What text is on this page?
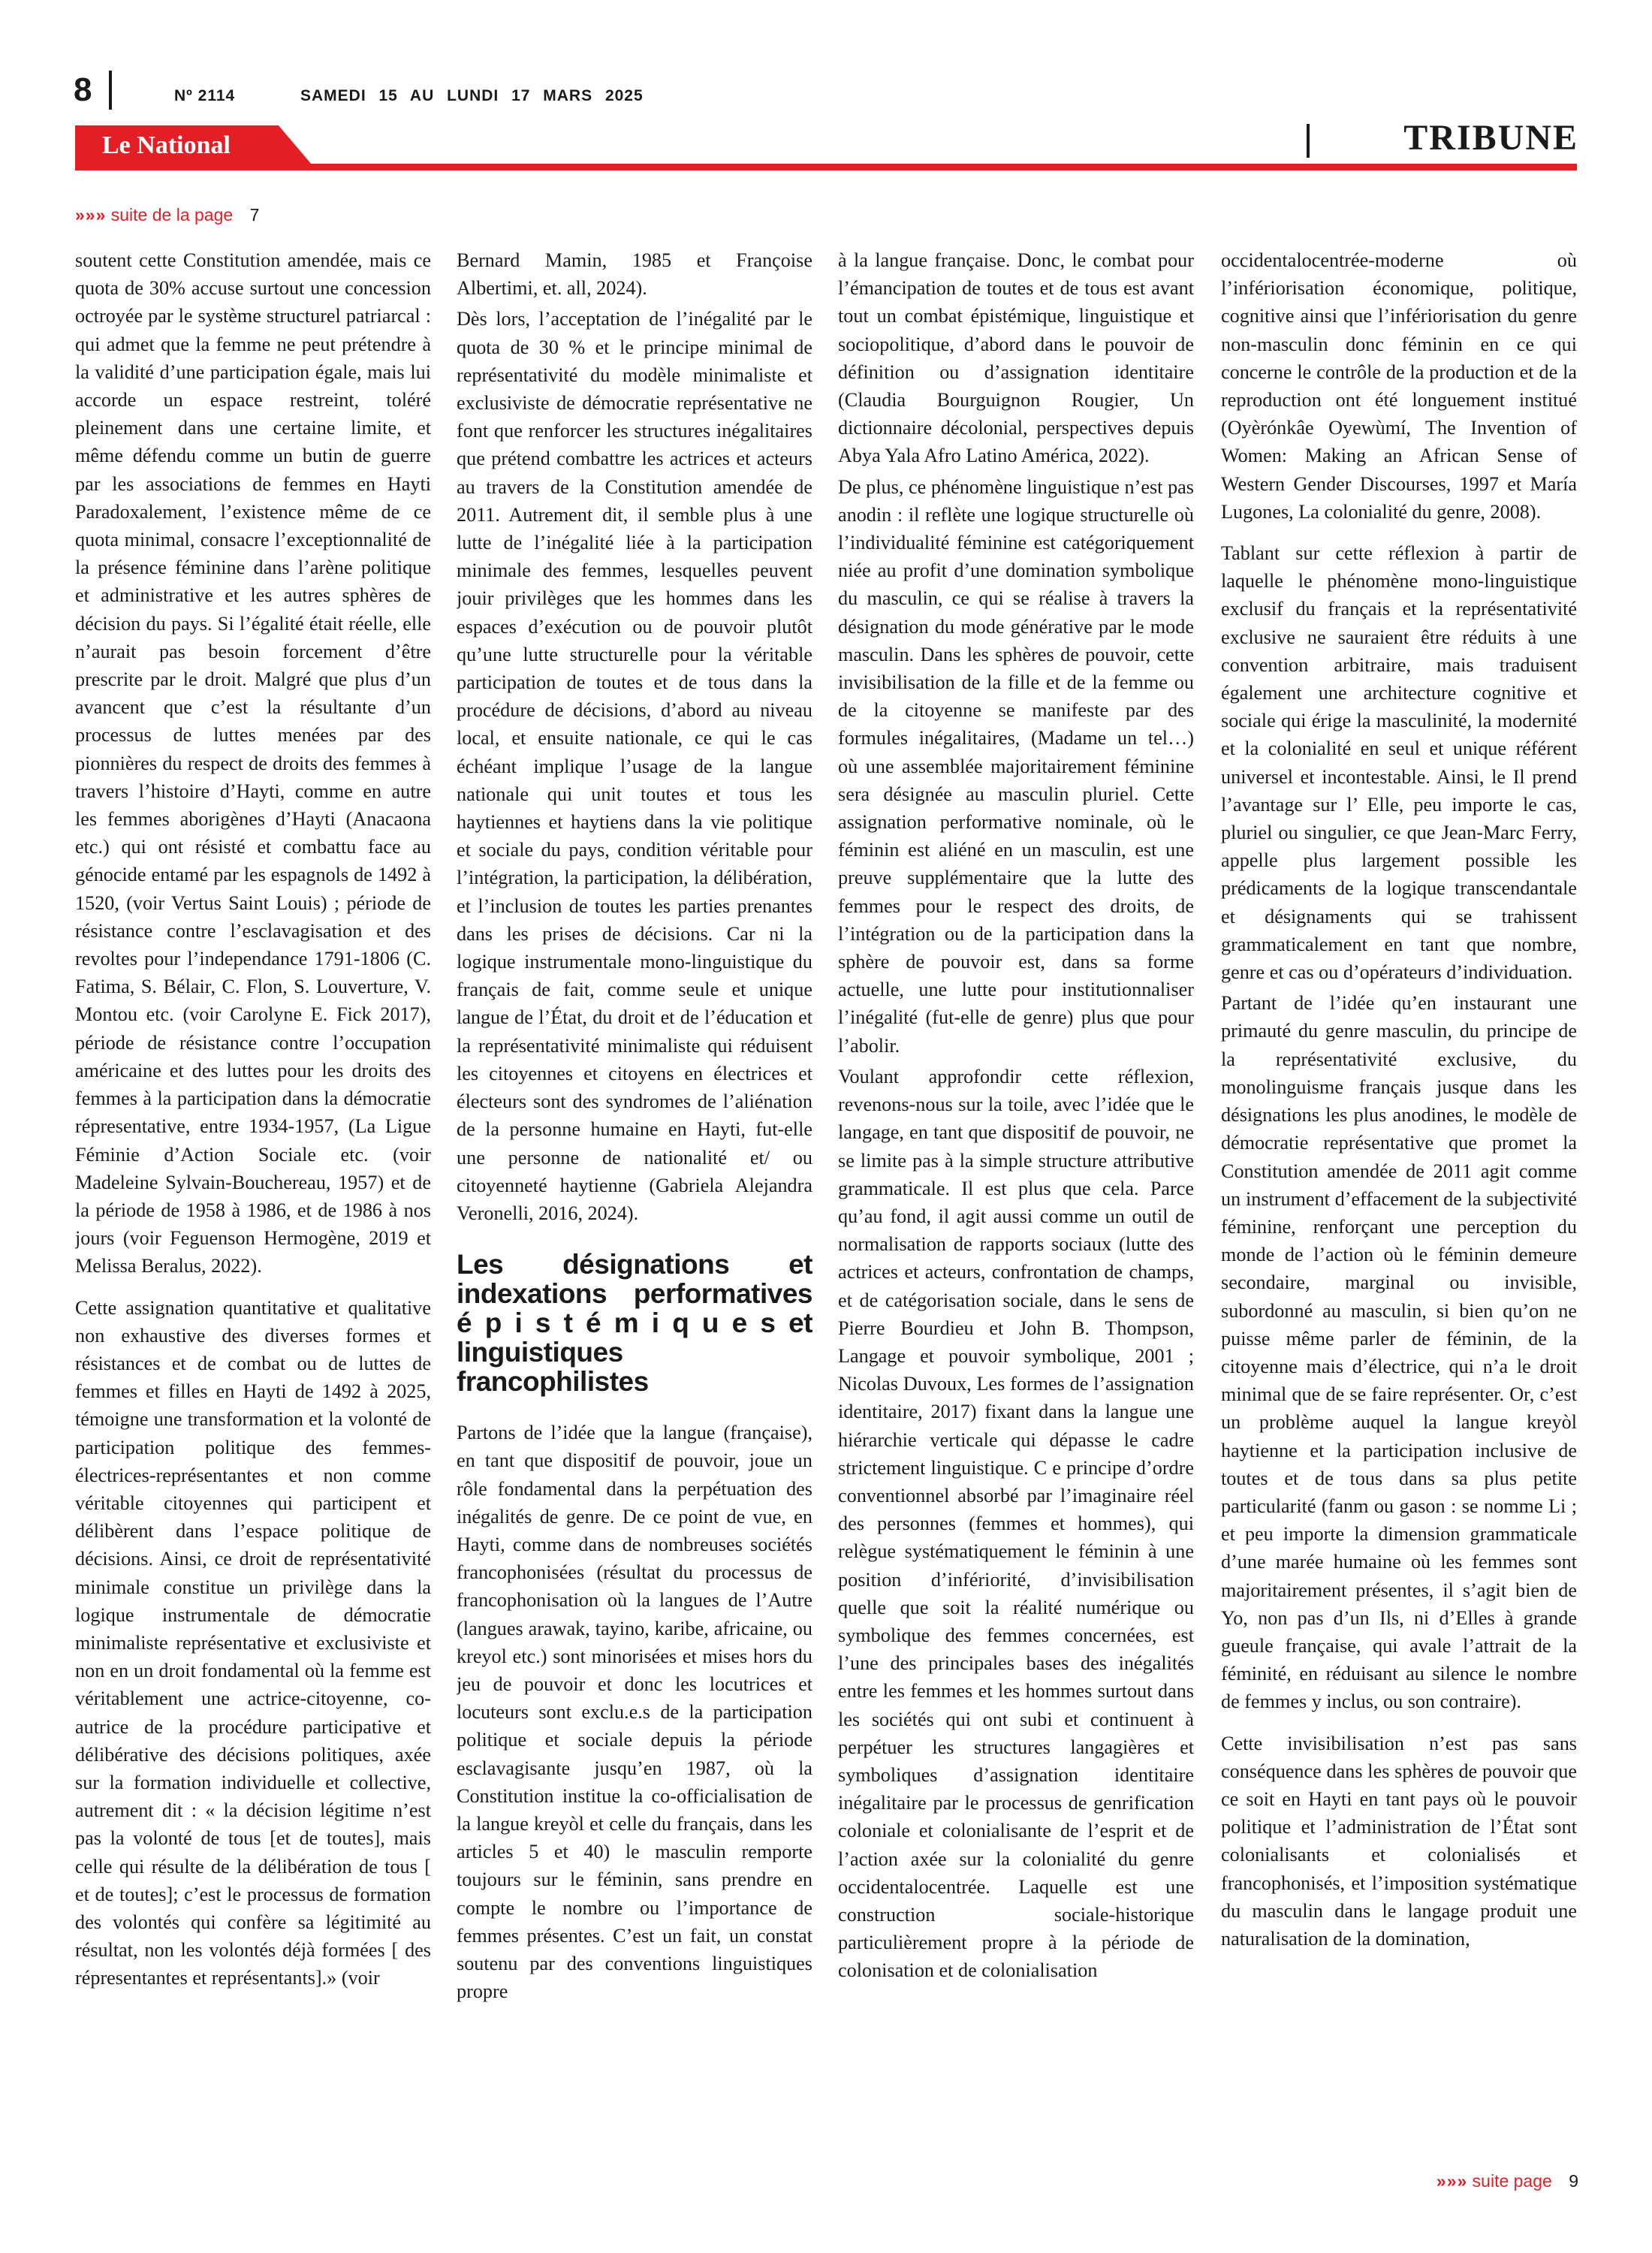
8	Nº 2114	SAMEDI 15 AU LUNDI 17 MARS 2025
Le National	TRIBUNE
»»» suite de la page 7

soutent cette Constitution amendée, mais ce quota de 30% accuse surtout une concession octroyée par le système structurel patriarcal : qui admet que la femme ne peut prétendre à la validité d’une participation égale, mais lui accorde un espace restreint, toléré pleinement dans une certaine limite, et même défendu comme un butin de guerre par les associations de femmes en Hayti Paradoxalement, l’existence même de ce quota minimal, consacre l’exceptionnalité de la présence féminine dans l’arène politique et administrative et les autres sphères de décision du pays. Si l’égalité était réelle, elle n’aurait pas besoin forcement d’être prescrite par le droit. Malgré que plus d’un avancent que c’est la résultante d’un processus de luttes menées par des pionnières du respect de droits des femmes à travers l’histoire d’Hayti, comme en autre les femmes aborigènes d’Hayti (Anacaona etc.) qui ont résisté et combattu face au génocide entamé par les espagnols de 1492 à 1520, (voir Vertus Saint Louis) ; période de résistance contre l’esclavagisation et des revoltes pour l’independance 1791-1806 (C. Fatima, S. Bélair, C. Flon, S. Louverture, V. Montou etc. (voir Carolyne E. Fick 2017), période de résistance contre l’occupation américaine et des luttes pour les droits des femmes à la participation dans la démocratie répresentative, entre 1934-1957, (La Ligue Féminie d’Action Sociale etc. (voir Madeleine Sylvain-Bouchereau, 1957) et de la période de 1958 à 1986, et de 1986 à nos jours (voir Feguenson Hermogène, 2019 et Melissa Beralus, 2022).

Cette assignation quantitative et qualitative non exhaustive des diverses formes et résistances et de combat ou de luttes de femmes et filles en Hayti de 1492 à 2025, témoigne une transformation et la volonté de participation politique des femmes-électrices-représentantes et non comme véritable citoyennes qui participent et délibèrent dans l’espace politique de décisions. Ainsi, ce droit de représentativité minimale constitue un privilège dans la logique instrumentale de démocratie minimaliste représentative et exclusiviste et non en un droit fondamental où la femme est véritablement une actrice-citoyenne, co-autrice de la procédure participative et délibérative des décisions politiques, axée sur la formation individuelle et collective, autrement dit : « la décision légitime n’est pas la volonté de tous [et de toutes], mais celle qui résulte de la délibération de tous [ et de toutes]; c’est le processus de formation des volontés qui confère sa légitimité au résultat, non les volontés déjà formées [ des répresentantes et représentants].» (voir

Bernard Mamin, 1985 et Françoise Albertimi, et. all, 2024).

Dès lors, l’acceptation de l’inégalité par le quota de 30 % et le principe minimal de représentativité du modèle minimaliste et exclusiviste de démocratie représentative ne font que renforcer les structures inégalitaires que prétend combattre les actrices et acteurs au travers de la Constitution amendée de 2011. Autrement dit, il semble plus à une lutte de l’inégalité liée à la participation minimale des femmes, lesquelles peuvent jouir privilèges que les hommes dans les espaces d’exécution ou de pouvoir plutôt qu’une lutte structurelle pour la véritable participation de toutes et de tous dans la procédure de décisions, d’abord au niveau local, et ensuite nationale, ce qui le cas échéant implique l’usage de la langue nationale qui unit toutes et tous les haytiennes et haytiens dans la vie politique et sociale du pays, condition véritable pour l’intégration, la participation, la délibération, et l’inclusion de toutes les parties prenantes dans les prises de décisions. Car ni la logique instrumentale mono-linguistique du français de fait, comme seule et unique langue de l’État, du droit et de l’éducation et la représentativité minimaliste qui réduisent les citoyennes et citoyens en électrices et électeurs sont des syndromes de l’aliénation de la personne humaine en Hayti, fut-elle une personne de nationalité et/ ou citoyenneté haytienne (Gabriela Alejandra Veronelli, 2016, 2024).

Les désignations et indexations performatives é p i s t é m i q u e s et linguistiques francophilistes

Partons de l’idée que la langue (française), en tant que dispositif de pouvoir, joue un rôle fondamental dans la perpétuation des inégalités de genre. De ce point de vue, en Hayti, comme dans de nombreuses sociétés francophonisées (résultat du processus de francophonisation où la langues de l’Autre (langues arawak, tayino, karibe, africaine, ou kreyol etc.) sont minorisées et mises hors du jeu de pouvoir et donc les locutrices et locuteurs sont exclu.e.s de la participation politique et sociale depuis la période esclavagisante jusqu’en 1987, où la Constitution institue la co-officialisation de la langue kreyòl et celle du français, dans les articles 5 et 40) le masculin remporte toujours sur le féminin, sans prendre en compte le nombre ou l’importance de femmes présentes. C’est un fait, un constat soutenu par des conventions linguistiques propre

à la langue française. Donc, le combat pour l’émancipation de toutes et de tous est avant tout un combat épistémique, linguistique et sociopolitique, d’abord dans le pouvoir de définition ou d’assignation identitaire (Claudia Bourguignon Rougier, Un dictionnaire décolonial, perspectives depuis Abya Yala Afro Latino América, 2022).

De plus, ce phénomène linguistique n’est pas anodin : il reflète une logique structurelle où l’individualité féminine est catégoriquement niée au profit d’une domination symbolique du masculin, ce qui se réalise à travers la désignation du mode générative par le mode masculin. Dans les sphères de pouvoir, cette invisibilisation de la fille et de la femme ou de la citoyenne se manifeste par des formules inégalitaires, (Madame un tel…) où une assemblée majoritairement féminine sera désignée au masculin pluriel. Cette assignation performative nominale, où le féminin est aliéné en un masculin, est une preuve supplémentaire que la lutte des femmes pour le respect des droits, de l’intégration ou de la participation dans la sphère de pouvoir est, dans sa forme actuelle, une lutte pour institutionnaliser l’inégalité (fut-elle de genre) plus que pour l’abolir.

Voulant approfondir cette réflexion, revenons-nous sur la toile, avec l’idée que le langage, en tant que dispositif de pouvoir, ne se limite pas à la simple structure attributive grammaticale. Il est plus que cela. Parce qu’au fond, il agit aussi comme un outil de normalisation de rapports sociaux (lutte des actrices et acteurs, confrontation de champs, et de catégorisation sociale, dans le sens de Pierre Bourdieu et John B. Thompson, Langage et pouvoir symbolique, 2001 ; Nicolas Duvoux, Les formes de l’assignation identitaire, 2017) fixant dans la langue une hiérarchie verticale qui dépasse le cadre strictement linguistique. C e principe d’ordre conventionnel absorbé par l’imaginaire réel des personnes (femmes et hommes), qui relègue systématiquement le féminin à une position d’infériorité, d’invisibilisation quelle que soit la réalité numérique ou symbolique des femmes concernées, est l’une des principales bases des inégalités entre les femmes et les hommes surtout dans les sociétés qui ont subi et continuent à perpétuer les structures langagières et symboliques d’assignation identitaire inégalitaire par le processus de genrification coloniale et colonialisante de l’esprit et de l’action axée sur la colonialité du genre occidentalocentrée. Laquelle est une construction sociale-historique particulièrement propre à la période de colonisation et de colonialisation

occidentalocentrée-moderne où l’infériorisation économique, politique, cognitive ainsi que l’infériorisation du genre non-masculin donc féminin en ce qui concerne le contrôle de la production et de la reproduction ont été longuement institué (Oyèrónkâe Oyewùmí, The Invention of Women: Making an African Sense of Western Gender Discourses, 1997 et María Lugones, La colonialité du genre, 2008).

Tablant sur cette réflexion à partir de laquelle le phénomène mono-linguistique exclusif du français et la représentativité exclusive ne sauraient être réduits à une convention arbitraire, mais traduisent également une architecture cognitive et sociale qui érige la masculinité, la modernité et la colonialité en seul et unique référent universel et incontestable. Ainsi, le Il prend l’avantage sur l’ Elle, peu importe le cas, pluriel ou singulier, ce que Jean-Marc Ferry, appelle plus largement possible les prédicaments de la logique transcendantale et désignaments qui se trahissent grammaticalement en tant que nombre, genre et cas ou d’opérateurs d’individuation.

Partant de l’idée qu’en instaurant une primauté du genre masculin, du principe de la représentativité exclusive, du monolinguisme français jusque dans les désignations les plus anodines, le modèle de démocratie représentative que promet la Constitution amendée de 2011 agit comme un instrument d’effacement de la subjectivité féminine, renforçant une perception du monde de l’action où le féminin demeure secondaire, marginal ou invisible, subordonné au masculin, si bien qu’on ne puisse même parler de féminin, de la citoyenne mais d’électrice, qui n’a le droit minimal que de se faire représenter. Or, c’est un problème auquel la langue kreyòl haytienne et la participation inclusive de toutes et de tous dans sa plus petite particularité (fanm ou gason : se nomme Li ; et peu importe la dimension grammaticale d’une marée humaine où les femmes sont majoritairement présentes, il s’agit bien de Yo, non pas d’un Ils, ni d’Elles à grande gueule française, qui avale l’attrait de la féminité, en réduisant au silence le nombre de femmes y inclus, ou son contraire).

Cette invisibilisation n’est pas sans conséquence dans les sphères de pouvoir que ce soit en Hayti en tant pays où le pouvoir politique et l’administration de l’État sont colonialisants et colonialisés et francophonisés, et l’imposition systématique du masculin dans le langage produit une naturalisation de la domination,

»»» suite page 9
